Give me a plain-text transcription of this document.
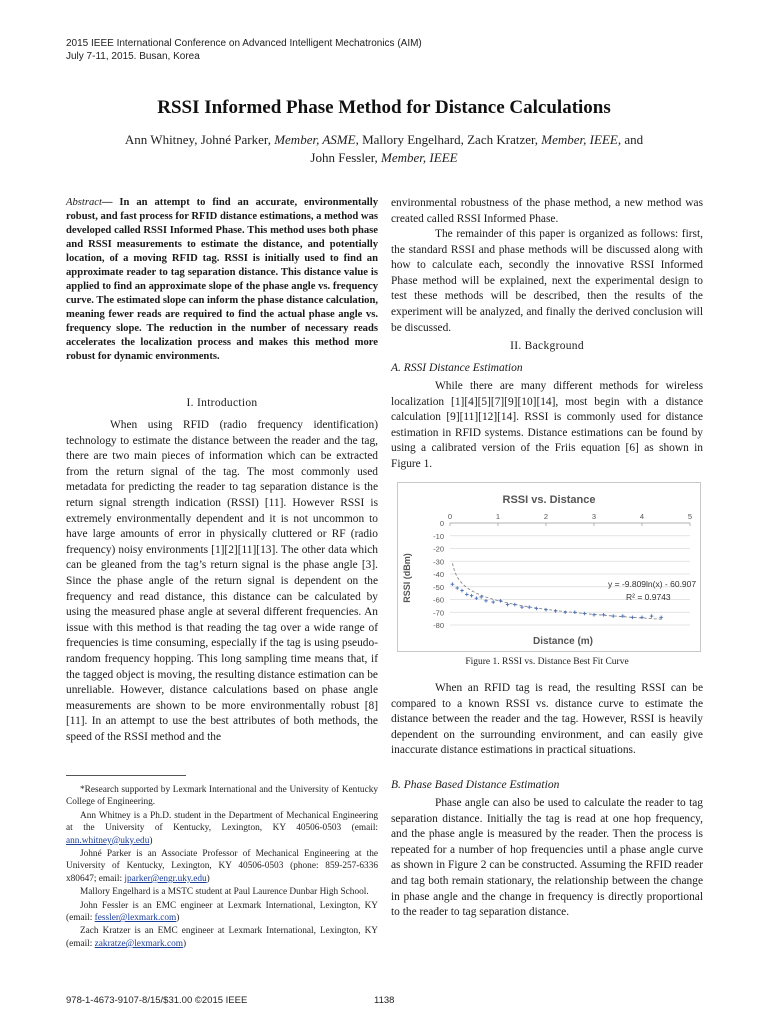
2015 IEEE International Conference on Advanced Intelligent Mechatronics (AIM)
July 7-11, 2015. Busan, Korea
RSSI Informed Phase Method for Distance Calculations
Ann Whitney, Johné Parker, Member, ASME, Mallory Engelhard, Zach Kratzer, Member, IEEE, and
John Fessler, Member, IEEE
Abstract— In an attempt to find an accurate, environmentally robust, and fast process for RFID distance estimations, a method was developed called RSSI Informed Phase. This method uses both phase and RSSI measurements to estimate the distance, and potentially location, of a moving RFID tag. RSSI is initially used to find an approximate reader to tag separation distance. This distance value is applied to find an approximate slope of the phase angle vs. frequency curve. The estimated slope can inform the phase distance calculation, meaning fewer reads are required to find the actual phase angle vs. frequency slope. The reduction in the number of necessary reads accelerates the localization process and makes this method more robust for dynamic environments.
I. Introduction
When using RFID (radio frequency identification) technology to estimate the distance between the reader and the tag, there are two main pieces of information which can be extracted from the return signal of the tag. The most commonly used metadata for predicting the reader to tag separation distance is the return signal strength indication (RSSI) [11]. However RSSI is extremely environmentally dependent and it is not uncommon to have large amounts of error in physically cluttered or RF (radio frequency) noisy environments [1][2][11][13]. The other data which can be gleaned from the tag’s return signal is the phase angle [3]. Since the phase angle of the return signal is dependent on the frequency and read distance, this distance can be calculated by using the measured phase angle at several different frequencies. An issue with this method is that reading the tag over a wide range of frequencies is time consuming, especially if the tag is using pseudo-random frequency hopping. This long sampling time means that, if the tagged object is moving, the resulting distance estimation can be unreliable. However, distance calculations based on phase angle measurements are shown to be more environmentally robust [8][11]. In an attempt to use the best attributes of both methods, the speed of the RSSI method and the

*Research supported by Lexmark International and the University of Kentucky College of Engineering.

Ann Whitney is a Ph.D. student in the Department of Mechanical Engineering at the University of Kentucky, Lexington, KY 40506-0503 (email: ann.whitney@uky.edu)

Johné Parker is an Associate Professor of Mechanical Engineering at the University of Kentucky, Lexington, KY 40506-0503 (phone: 859-257-6336 x80647; email: jparker@engr.uky.edu)

Mallory Engelhard is a MSTC student at Paul Laurence Dunbar High School.

John Fessler is an EMC engineer at Lexmark International, Lexington, KY (email: fessler@lexmark.com)

Zach Kratzer is an EMC engineer at Lexmark International, Lexington, KY (email: zakratze@lexmark.com)

environmental robustness of the phase method, a new method was created called RSSI Informed Phase.
The remainder of this paper is organized as follows: first, the standard RSSI and phase methods will be discussed along with how to calculate each, secondly the innovative RSSI Informed Phase method will be explained, next the experimental design to test these methods will be described, then the results of the experiment will be analyzed, and finally the derived conclusion will be discussed.
II. Background
A. RSSI Distance Estimation
While there are many different methods for wireless localization [1][4][5][7][9][10][14], most begin with a distance calculation [9][11][12][14]. RSSI is commonly used for distance estimation in RFID systems. Distance estimations can be found by using a calibrated version of the Friis equation [6] as shown in Figure 1.
RSSI vs. Distance
0
-10
-20
-30
-40
-50
-60
-70
-80
0	1	2	3	4	5
y = -9.809ln(x) - 60.907
R² = 0.9743
Distance (m)
RSSI (dBm)
Figure 1. RSSI vs. Distance Best Fit Curve
When an RFID tag is read, the resulting RSSI can be compared to a known RSSI vs. distance curve to estimate the distance between the reader and the tag. However, RSSI is heavily dependent on the surrounding environment, and can easily give inaccurate distance estimations in practical situations.
B. Phase Based Distance Estimation
Phase angle can also be used to calculate the reader to tag separation distance. Initially the tag is read at one hop frequency, and the phase angle is measured by the reader. Then the process is repeated for a number of hop frequencies until a phase angle curve as shown in Figure 2 can be constructed. Assuming the RFID reader and tag both remain stationary, the relationship between the change in phase angle and the change in frequency is directly proportional to the reader to tag separation distance.
978-1-4673-9107-8/15/$31.00 ©2015 IEEE	1138
